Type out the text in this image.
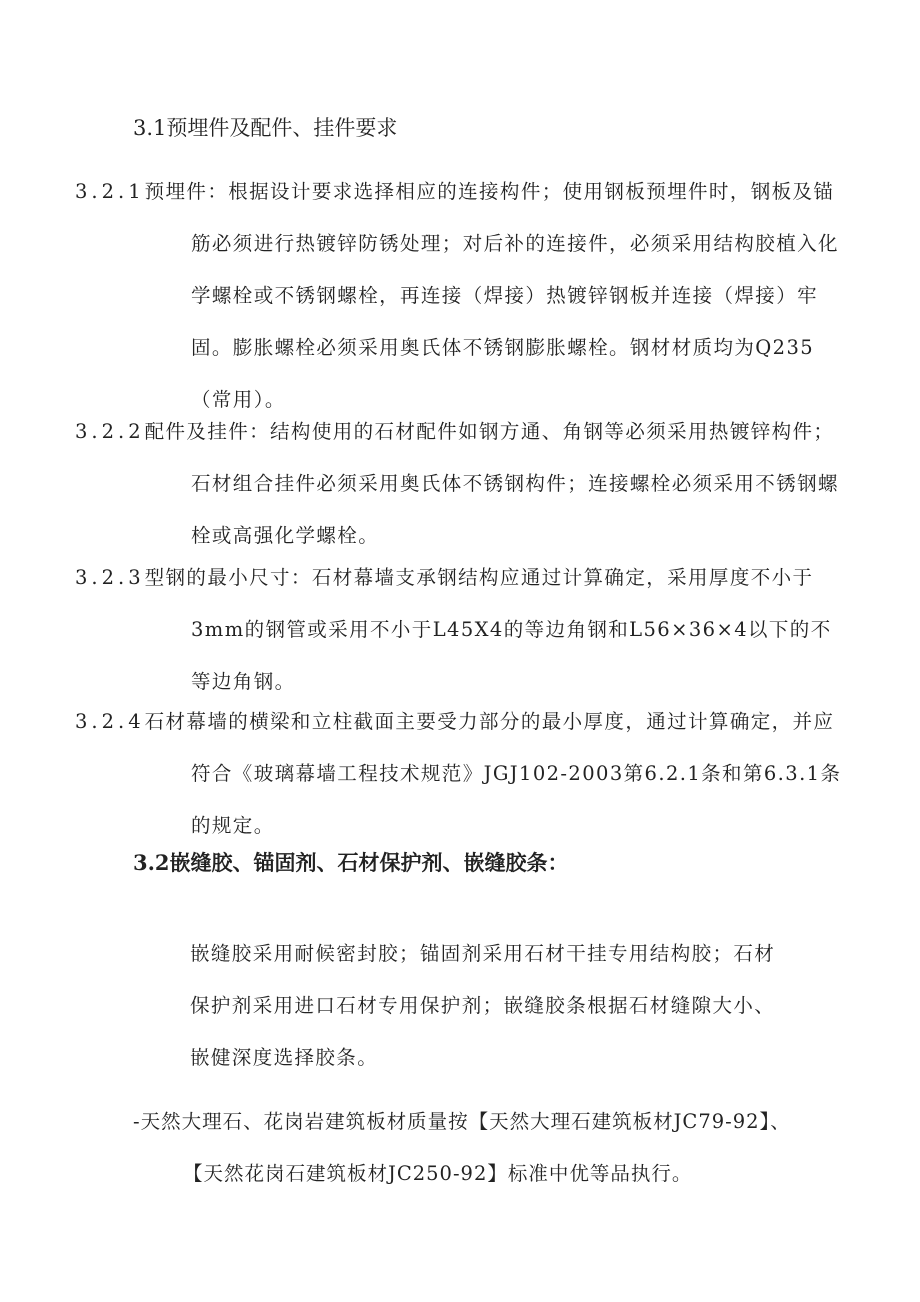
3.1预埋件及配件、挂件要求
3.2.1预埋件：根据设计要求选择相应的连接构件；使用钢板预埋件时，钢板及锚筋必须进行热镀锌防锈处理；对后补的连接件，必须采用结构胶植入化学螺栓或不锈钢螺栓，再连接（焊接）热镀锌钢板并连接（焊接）牢固。膨胀螺栓必须采用奥氏体不锈钢膨胀螺栓。钢材材质均为Q235（常用）。
3.2.2配件及挂件：结构使用的石材配件如钢方通、角钢等必须采用热镀锌构件；石材组合挂件必须采用奥氏体不锈钢构件；连接螺栓必须采用不锈钢螺栓或高强化学螺栓。
3.2.3型钢的最小尺寸：石材幕墙支承钢结构应通过计算确定，采用厚度不小于3mm的钢管或采用不小于L45X4的等边角钢和L56×36×4以下的不等边角钢。
3.2.4石材幕墙的横梁和立柱截面主要受力部分的最小厚度，通过计算确定，并应符合《玻璃幕墙工程技术规范》JGJ102-2003第6.2.1条和第6.3.1条的规定。
3.2嵌缝胶、锚固剂、石材保护剂、嵌缝胶条：
嵌缝胶采用耐候密封胶；锚固剂采用石材干挂专用结构胶；石材保护剂采用进口石材专用保护剂；嵌缝胶条根据石材缝隙大小、嵌健深度选择胶条。
-天然大理石、花岗岩建筑板材质量按【天然大理石建筑板材JC79-92】、【天然花岗石建筑板材JC250-92】标准中优等品执行。
